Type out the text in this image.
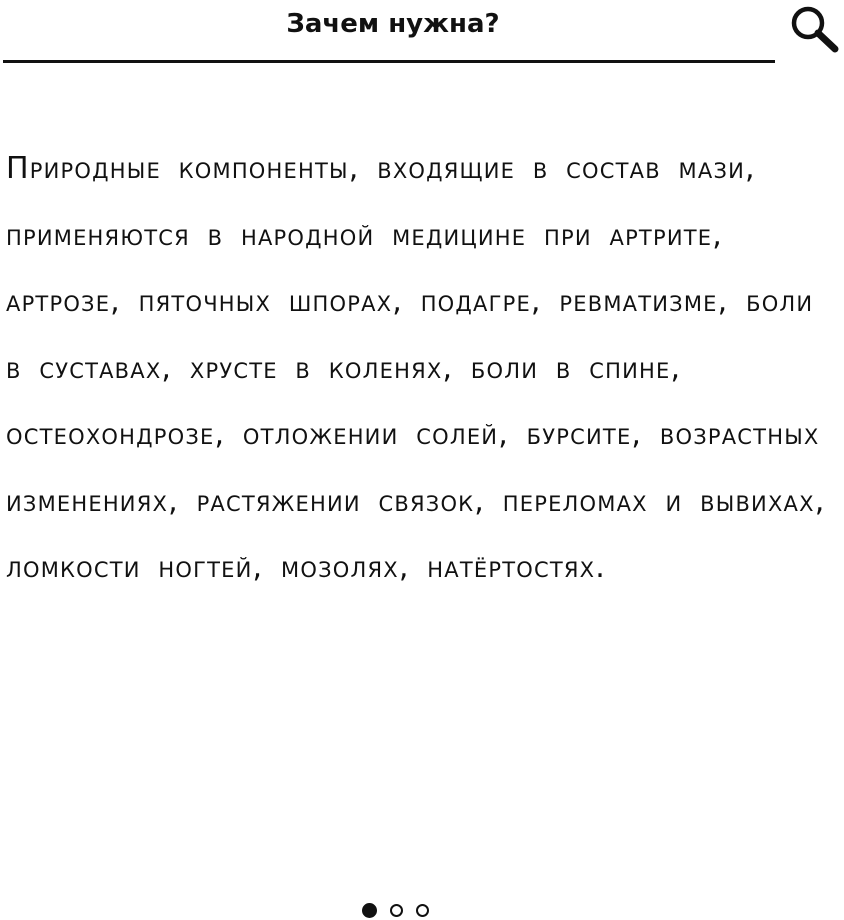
Зачем нужна?

Природные компоненты, входящие в состав мази, применяются в народной медицине при артрите, артрозе, пяточных шпорах, подагре, ревматизме, боли в суставах, хрусте в коленях, боли в спине, остеохондрозе, отложении солей, бурсите, возрастных изменениях, растяжении связок, переломах и вывихах, ломкости ногтей, мозолях, натёртостях.
